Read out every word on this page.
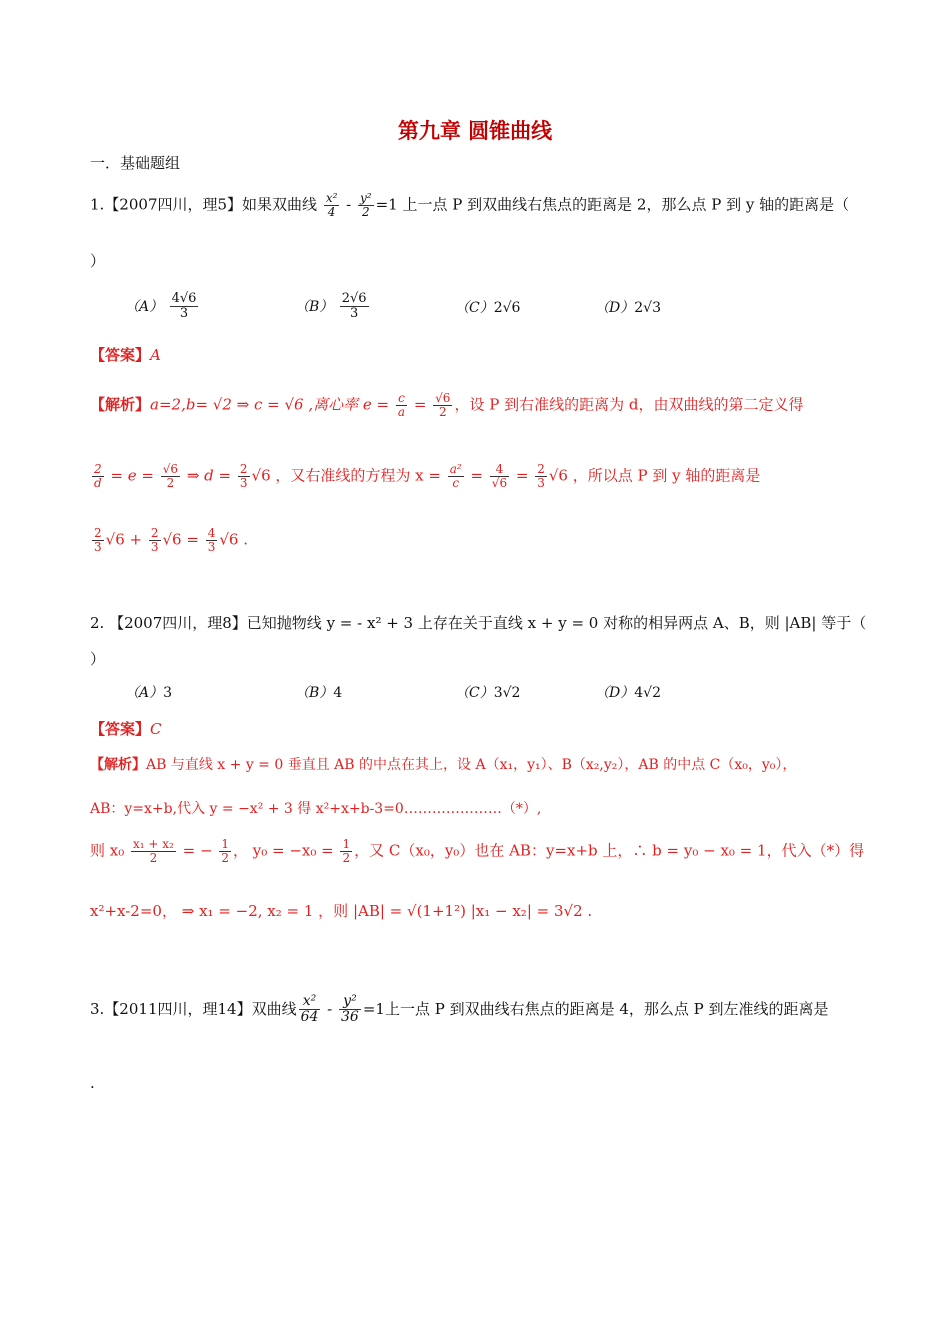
第九章 圆锥曲线
一．基础题组
1.【2007四川，理5】如果双曲线 $\frac{\text{x²}}{4} - \frac{\text{y²}}{2} =1$ 上一点 P 到双曲线右焦点的距离是 2，那么点 P 到 y 轴的距离是（
）
$(A) \frac{4√6}{3}$	$(B) \frac{2√6}{3}$	（C）2√6	（D）2√3
【答案】A
【解析】a=2,b= √2 ⇒ c = √6 ,离心率 $e = \frac{c}{a} = \frac{√6}{2}$ ，设 P 到右准线的距离为 d，由双曲线的第二定义得
$\frac{2}{d} = e = \frac{√6}{2}$ ⇒ $d = \frac{2}{3} √6$ ，又右准线的方程为 $x = \frac{\text{a²}}{c} = \frac{4}{√6} = \frac{2}{3} √6$ ，所以点 P 到 y 轴的距离是
$\frac{2}{3} √6 + \frac{2}{3} √6 = \frac{4}{3} √6$ .
2. 【2007四川，理8】已知抛物线 y = - x² + 3 上存在关于直线 x + y = 0 对称的相异两点 A、B，则 |AB| 等于（
）
（A）3	（B）4	（C）3√2	（D）4√2
【答案】C
【解析】AB 与直线 x + y = 0 垂直且 AB 的中点在其上，设 A（x₁，y₁）、B（x₂,y₂），AB 的中点 C（x₀，y₀），
AB：y=x+b,代入 y = −x² + 3 得 x²+x+b-3=0…………………（*）,
则 $x_0 \frac{\text{x₁ + x₂}}{2}$ = − $\frac{1}{2}$ ， $y_0 = -x_0 = \frac{1}{2}$ ，又 C（x₀，y₀）也在 AB：y=x+b 上，∴ b = y₀ − x₀ = 1，代入（*）得
x²+x-2=0， ⇒ x₁ = −2, x₂ = 1 ，则 |AB| = √(1+1²) |x₁ − x₂| = 3√2 .
3.【2011四川，理14】双曲线 $\frac{\text{x²}}{64} - \frac{\text{y²}}{36} =1$上一点 P 到双曲线右焦点的距离是 4，那么点 P 到左准线的距离是
.
